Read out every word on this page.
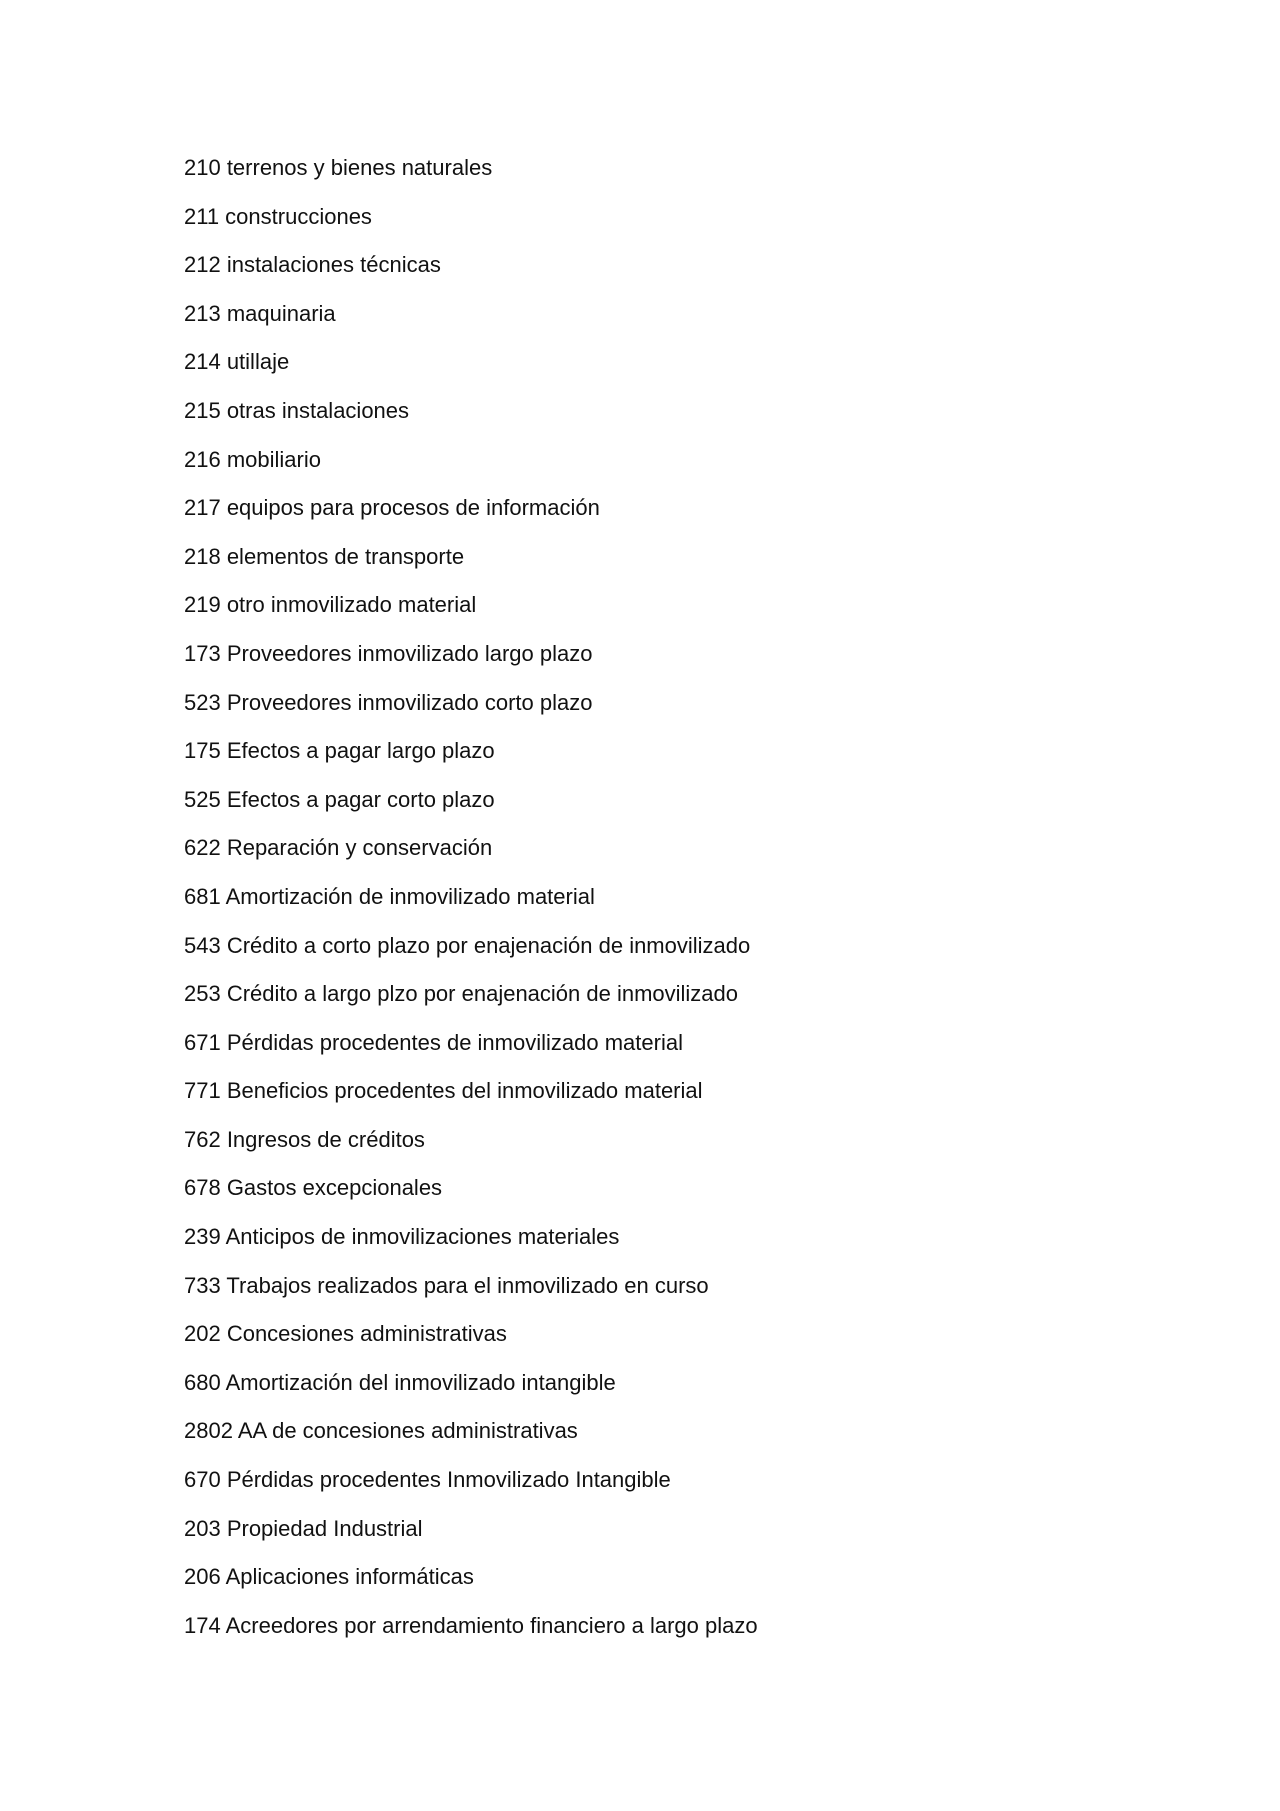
210 terrenos y bienes naturales
211 construcciones
212 instalaciones técnicas
213 maquinaria
214 utillaje
215 otras instalaciones
216 mobiliario
217 equipos para procesos de información
218 elementos de transporte
219 otro inmovilizado material
173 Proveedores inmovilizado largo plazo
523 Proveedores inmovilizado corto plazo
175 Efectos a pagar largo plazo
525 Efectos a pagar corto plazo
622 Reparación y conservación
681 Amortización de inmovilizado material
543 Crédito a corto plazo por enajenación de inmovilizado
253 Crédito a largo plzo por enajenación de inmovilizado
671 Pérdidas procedentes de inmovilizado material
771 Beneficios procedentes del inmovilizado material
762 Ingresos de créditos
678 Gastos excepcionales
239 Anticipos de inmovilizaciones materiales
733 Trabajos realizados para el inmovilizado en curso
202 Concesiones administrativas
680 Amortización del inmovilizado intangible
2802 AA de concesiones administrativas
670 Pérdidas procedentes Inmovilizado Intangible
203 Propiedad Industrial
206 Aplicaciones informáticas
174 Acreedores por arrendamiento financiero a largo plazo
